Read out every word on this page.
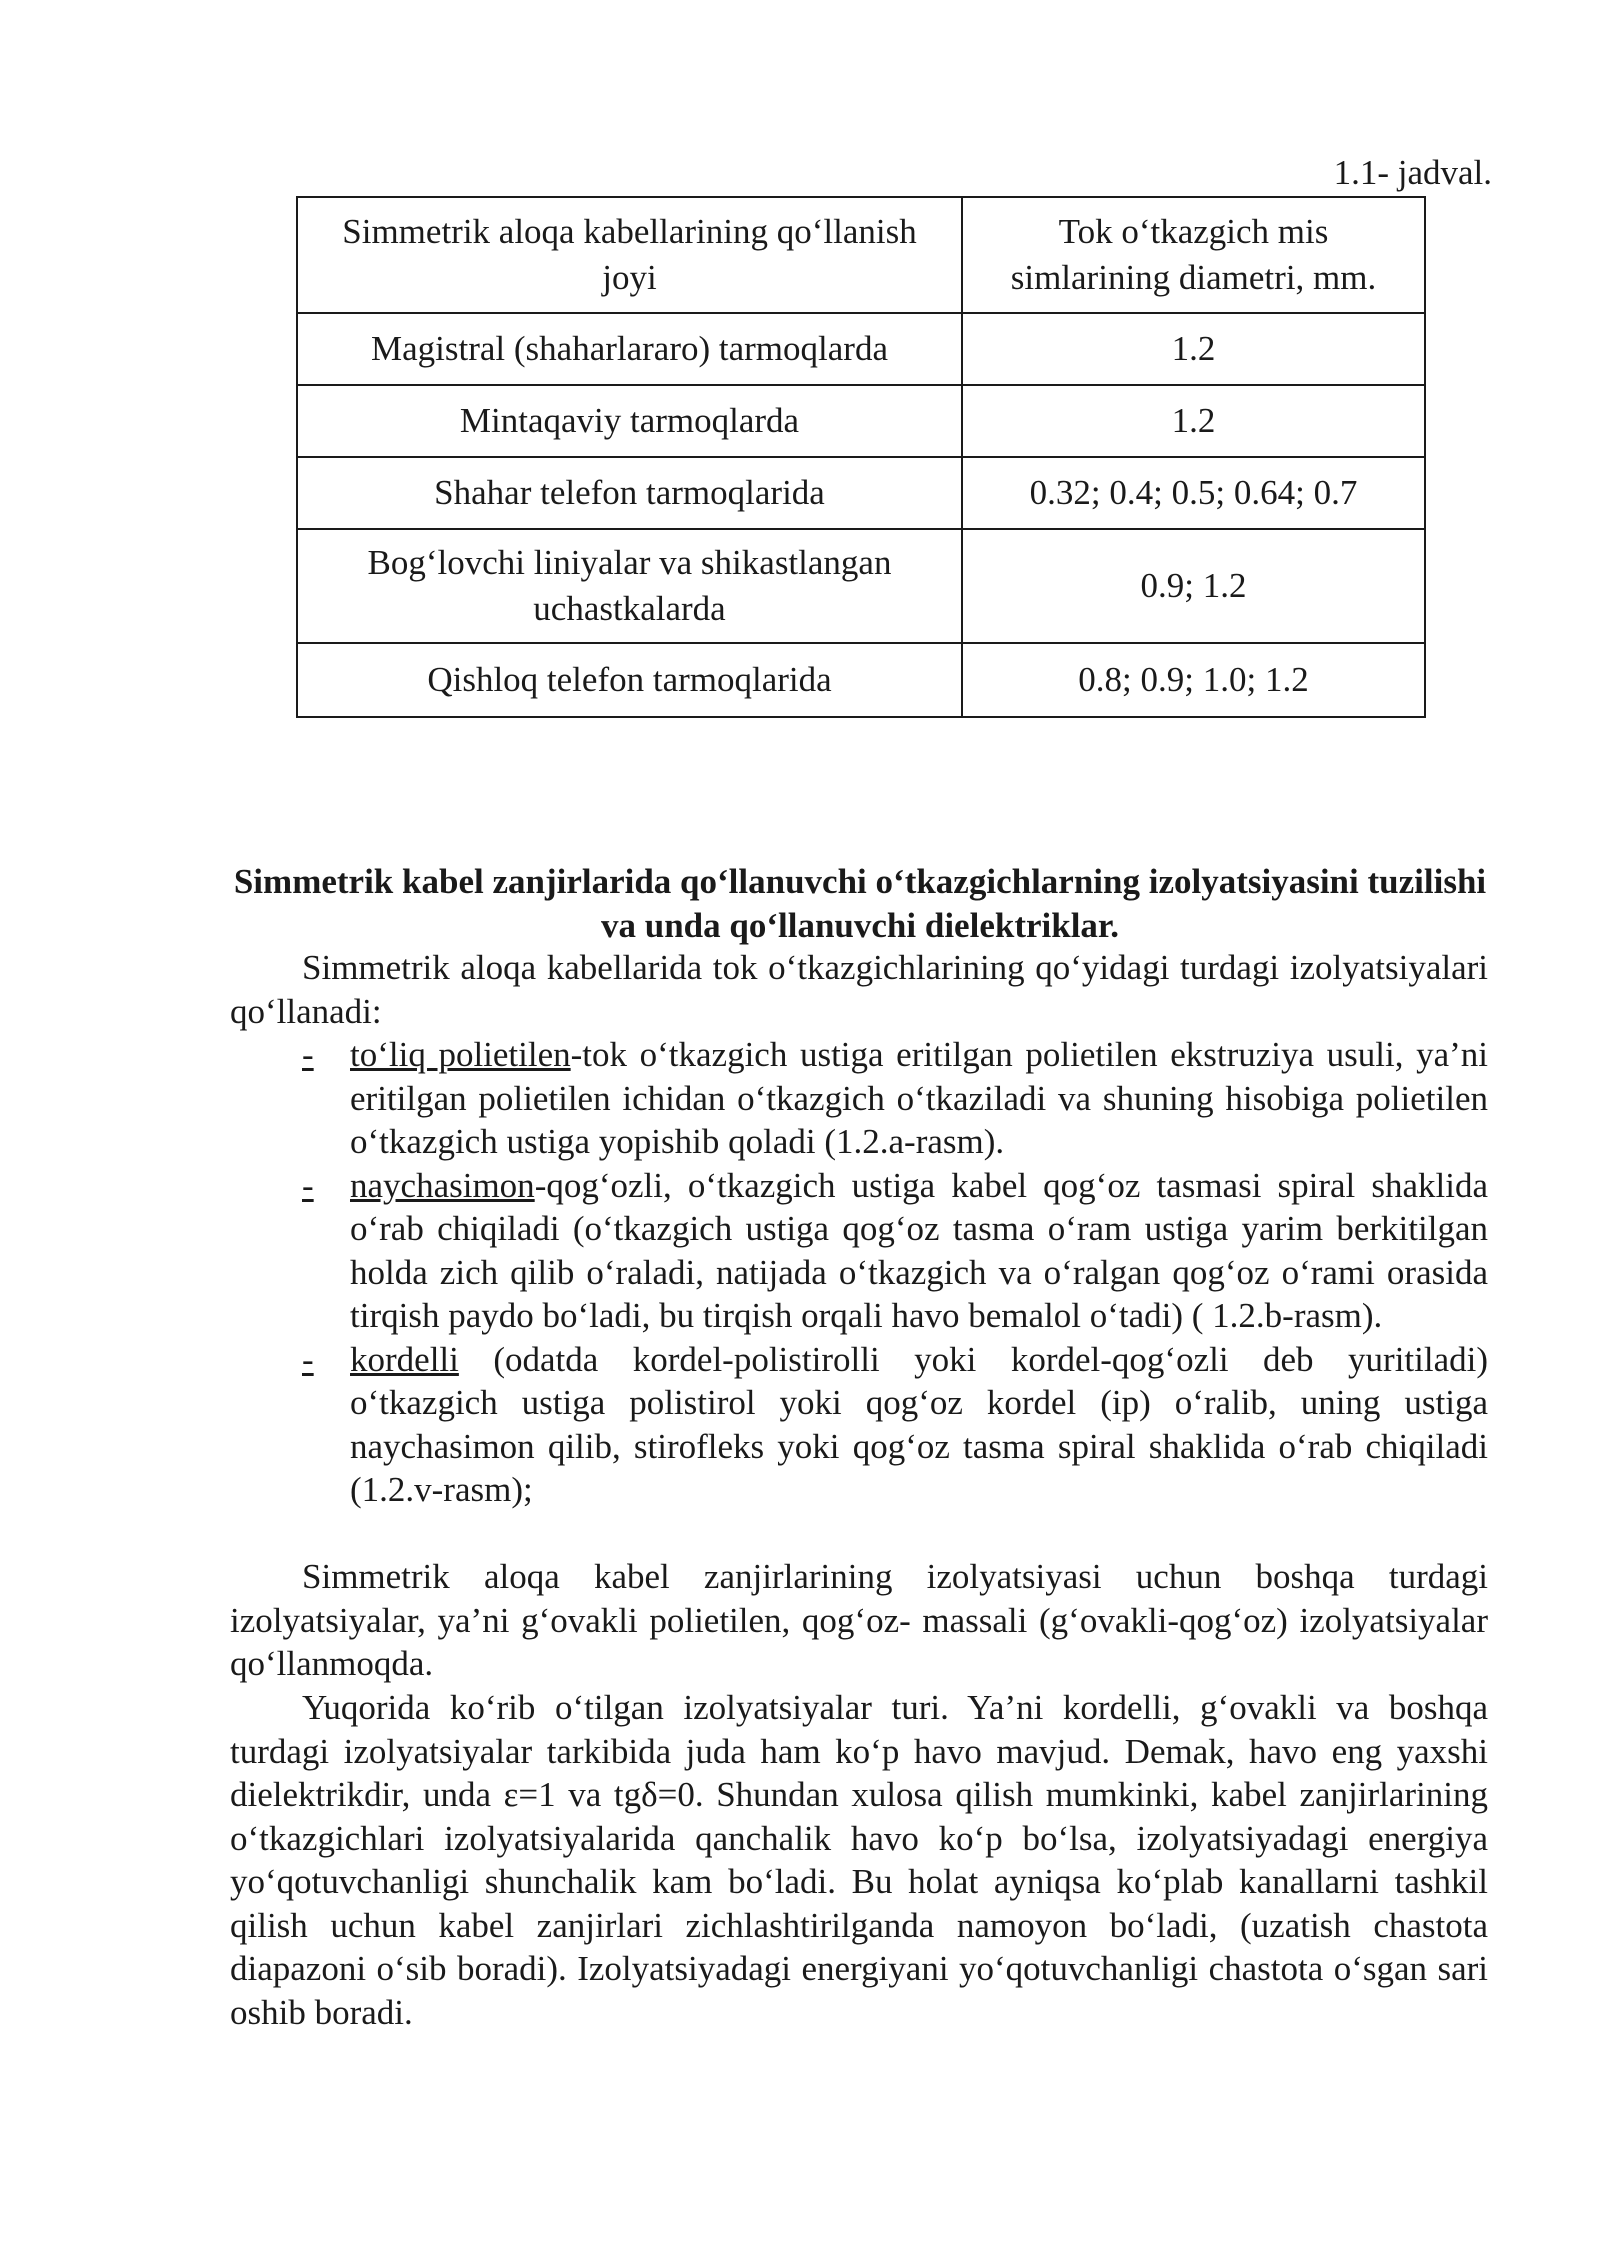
1.1- jadval.
Simmetrik aloqa kabellarining qo‘llanish joyi	Tok o‘tkazgich mis simlarining diametri, mm.
Magistral (shaharlararo) tarmoqlarda	1.2
Mintaqaviy tarmoqlarda	1.2
Shahar telefon tarmoqlarida	0.32; 0.4; 0.5; 0.64; 0.7
Bog‘lovchi liniyalar va shikastlangan uchastkalarda	0.9; 1.2
Qishloq telefon tarmoqlarida	0.8; 0.9; 1.0; 1.2
Simmetrik kabel zanjirlarida qo‘llanuvchi o‘tkazgichlarning izolyatsiyasini tuzilishi va unda qo‘llanuvchi dielektriklar.

Simmetrik aloqa kabellarida tok o‘tkazgichlarining qo‘yidagi turdagi izolyatsiyalari qo‘llanadi:

- to‘liq polietilen-tok o‘tkazgich ustiga eritilgan polietilen ekstruziya usuli, ya’ni eritilgan polietilen ichidan o‘tkazgich o‘tkaziladi va shuning hisobiga polietilen o‘tkazgich ustiga yopishib qoladi (1.2.a-rasm).
- naychasimon-qog‘ozli, o‘tkazgich ustiga kabel qog‘oz tasmasi spiral shaklida o‘rab chiqiladi (o‘tkazgich ustiga qog‘oz tasma o‘ram ustiga yarim berkitilgan holda zich qilib o‘raladi, natijada o‘tkazgich va o‘ralgan qog‘oz o‘rami orasida tirqish paydo bo‘ladi, bu tirqish orqali havo bemalol o‘tadi) ( 1.2.b-rasm).
- kordelli (odatda kordel-polistirolli yoki kordel-qog‘ozli deb yuritiladi) o‘tkazgich ustiga polistirol yoki qog‘oz kordel (ip) o‘ralib, uning ustiga naychasimon qilib, stirofleks yoki qog‘oz tasma spiral shaklida o‘rab chiqiladi (1.2.v-rasm);

Simmetrik aloqa kabel zanjirlarining izolyatsiyasi uchun boshqa turdagi izolyatsiyalar, ya’ni g‘ovakli polietilen, qog‘oz- massali (g‘ovakli-qog‘oz) izolyatsiyalar qo‘llanmoqda.

Yuqorida ko‘rib o‘tilgan izolyatsiyalar turi. Ya’ni kordelli, g‘ovakli va boshqa turdagi izolyatsiyalar tarkibida juda ham ko‘p havo mavjud. Demak, havo eng yaxshi dielektrikdir, unda ε=1 va tgδ=0. Shundan xulosa qilish mumkinki, kabel zanjirlarining o‘tkazgichlari izolyatsiyalarida qanchalik havo ko‘p bo‘lsa, izolyatsiyadagi energiya yo‘qotuvchanligi shunchalik kam bo‘ladi. Bu holat ayniqsa ko‘plab kanallarni tashkil qilish uchun kabel zanjirlari zichlashtirilganda namoyon bo‘ladi, (uzatish chastota diapazoni o‘sib boradi). Izolyatsiyadagi energiyani yo‘qotuvchanligi chastota o‘sgan sari oshib boradi.
